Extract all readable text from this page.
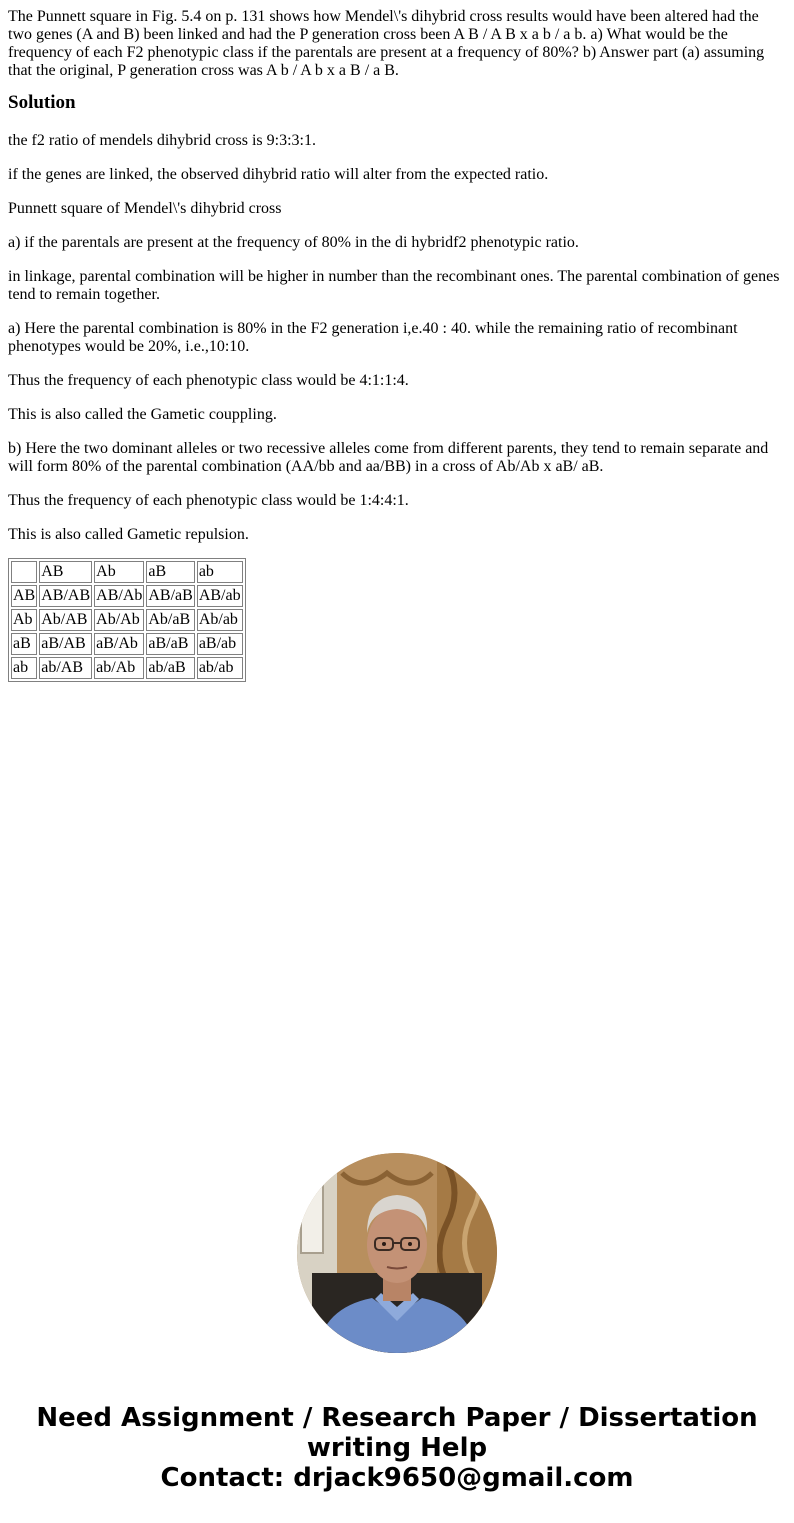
The Punnett square in Fig. 5.4 on p. 131 shows how Mendel\'s dihybrid cross results would have been altered had the two genes (A and B) been linked and had the P generation cross been A B / A B x a b / a b. a) What would be the frequency of each F2 phenotypic class if the parentals are present at a frequency of 80%? b) Answer part (a) assuming that the original, P generation cross was A b / A b x a B / a B.

Solution

the f2 ratio of mendels dihybrid cross is 9:3:3:1.

if the genes are linked, the observed dihybrid ratio will alter from the expected ratio.

Punnett square of Mendel\'s dihybrid cross

a) if the parentals are present at the frequency of 80% in the di hybridf2 phenotypic ratio.

in linkage, parental combination will be higher in number than the recombinant ones. The parental combination of genes tend to remain together.

a) Here the parental combination is 80% in the F2 generation i,e.40 : 40. while the remaining ratio of recombinant phenotypes would be 20%, i.e.,10:10.

Thus the frequency of each phenotypic class would be 4:1:1:4.

This is also called the Gametic couppling.

b) Here the two dominant alleles or two recessive alleles come from different parents, they tend to remain separate and will form 80% of the parental combination (AA/bb and aa/BB) in a cross of Ab/Ab x aB/ aB.

Thus the frequency of each phenotypic class would be 1:4:4:1.

This is also called Gametic repulsion.

	AB	Ab	aB	ab
AB	AB/AB	AB/Ab	AB/aB	AB/ab
Ab	Ab/AB	Ab/Ab	Ab/aB	Ab/ab
aB	aB/AB	aB/Ab	aB/aB	aB/ab
ab	ab/AB	ab/Ab	ab/aB	ab/ab
Need Assignment / Research Paper / Dissertation
writing Help
Contact: drjack9650@gmail.com
